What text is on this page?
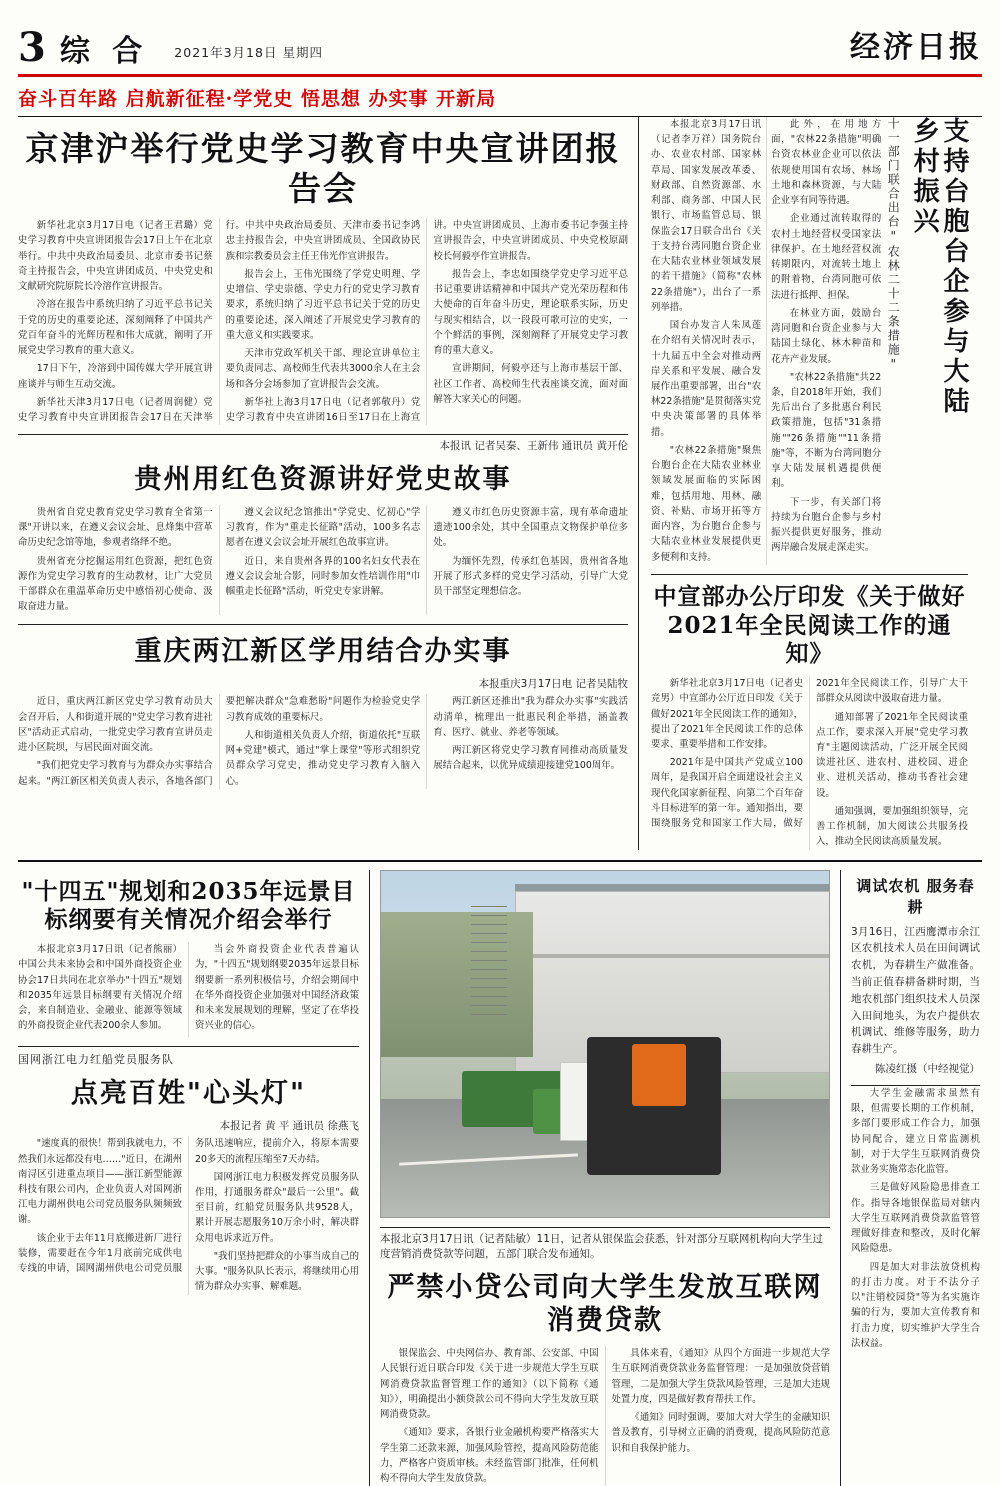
3 综 合 2021年3月18日 星期四	经济日报
奋斗百年路 启航新征程·学党史 悟思想 办实事 开新局
京津沪举行党史学习教育中央宣讲团报告会

新华社北京3月17日电（记者王君璐）党史学习教育中央宣讲团报告会17日上午在北京举行。中共中央政治局委员、北京市委书记蔡奇主持报告会，中央宣讲团成员、中央党史和文献研究院原院长冷溶作宣讲报告。

冷溶在报告中系统归纳了习近平总书记关于党的历史的重要论述，深刻阐释了中国共产党百年奋斗的光辉历程和伟大成就，阐明了开展党史学习教育的重大意义。

17日下午，冷溶到中国传媒大学开展宣讲座谈并与师生互动交流。

新华社天津3月17日电（记者周润健）党史学习教育中央宣讲团报告会17日在天津举行。中共中央政治局委员、天津市委书记李鸿忠主持报告会，中央宣讲团成员、全国政协民族和宗教委员会主任王伟光作宣讲报告。

报告会上，王伟光围绕了学党史明理、学史增信、学史崇德、学史力行的党史学习教育要求，系统归纳了习近平总书记关于党的历史的重要论述，深入阐述了开展党史学习教育的重大意义和实践要求。

天津市党政军机关干部、理论宣讲单位主要负责同志、高校师生代表共3000余人在主会场和各分会场参加了宣讲报告会交流。

新华社上海3月17日电（记者郭敬丹）党史学习教育中央宣讲团16日至17日在上海宣讲。中央宣讲团成员、上海市委书记李强主持宣讲报告会，中央宣讲团成员、中央党校原副校长何毅亭作宣讲报告。

报告会上，李忠如围绕学党史学习近平总书记重要讲话精神和中国共产党光荣历程和伟大使命的百年奋斗历史，理论联系实际，历史与现实相结合，以一段段可歌可泣的史实，一个个鲜活的事例，深刻阐释了开展党史学习教育的重大意义。

宣讲期间，何毅亭还与上海市基层干部、社区工作者、高校师生代表座谈交流，面对面解答大家关心的问题。

本报讯 记者吴秦、王新伟 通讯员 黄开伦
贵州用红色资源讲好党史故事

贵州省自党史教育党史学习教育全省第一课"开讲以来，在遵义会议会址、息烽集中营革命历史纪念馆等地，参观者络绎不绝。

贵州省充分挖掘运用红色资源，把红色资源作为党史学习教育的生动教材，让广大党员干部群众在重温革命历史中感悟初心使命、汲取奋进力量。

遵义会议纪念馆推出"学党史、忆初心"学习教育，作为"重走长征路"活动，100多名志愿者在遵义会议会址开展红色故事宣讲。

近日，来自贵州各界的100名妇女代表在遵义会议会址合影，同时参加女性培训作用"巾帼重走长征路"活动，听党史专家讲解。

遵义市红色历史资源丰富，现有革命遗址遗迹100余处，其中全国重点文物保护单位多处。

为缅怀先烈，传承红色基因，贵州省各地开展了形式多样的党史学习活动，引导广大党员干部坚定理想信念。

重庆两江新区学用结合办实事
本报重庆3月17日电 记者吴陆牧

近日，重庆两江新区党史学习教育动员大会召开后，人和街道开展的"党史学习教育进社区"活动正式启动，一批党史学习教育宣讲员走进小区院坝，与居民面对面交流。

"我们把党史学习教育与为群众办实事结合起来。"两江新区相关负责人表示，各地各部门要把解决群众"急难愁盼"问题作为检验党史学习教育成效的重要标尺。

人和街道相关负责人介绍，街道依托"互联网+党建"模式，通过"掌上课堂"等形式组织党员群众学习党史，推动党史学习教育入脑入心。

两江新区还推出"我为群众办实事"实践活动清单，梳理出一批惠民利企举措，涵盖教育、医疗、就业、养老等领域。

两江新区将党史学习教育同推动高质量发展结合起来，以优异成绩迎接建党100周年。

支持台胞台企参与大陆乡村振兴
十一部门联合出台"农林二十二条措施"

本报北京3月17日讯（记者李万祥）国务院台办、农业农村部、国家林草局、国家发展改革委、财政部、自然资源部、水利部、商务部、中国人民银行、市场监管总局、银保监会17日联合出台《关于支持台湾同胞台资企业在大陆农业林业领域发展的若干措施》（简称"农林22条措施"），出台了一系列举措。

国台办发言人朱凤莲在介绍有关情况时表示，十九届五中全会对推动两岸关系和平发展、融合发展作出重要部署，出台"农林22条措施"是贯彻落实党中央决策部署的具体举措。

"农林22条措施"聚焦台胞台企在大陆农业林业领域发展面临的实际困难，包括用地、用林、融资、补贴、市场开拓等方面内容，为台胞台企参与大陆农业林业发展提供更多便利和支持。

此外，在用地方面，"农林22条措施"明确台资农林业企业可以依法依规使用国有农场、林场土地和森林资源，与大陆企业享有同等待遇。

企业通过流转取得的农村土地经营权受国家法律保护。在土地经营权流转期限内，对流转土地上的附着物，台湾同胞可依法进行抵押、担保。

在林业方面，鼓励台湾同胞和台资企业参与大陆国土绿化、林木种苗和花卉产业发展。

"农林22条措施"共22条，自2018年开始，我们先后出台了多批惠台利民政策措施，包括"31条措施""26条措施""11条措施"等，不断为台湾同胞分享大陆发展机遇提供便利。

下一步，有关部门将持续为台胞台企参与乡村振兴提供更好服务，推动两岸融合发展走深走实。

中宣部办公厅印发《关于做好2021年全民阅读工作的通知》

新华社北京3月17日电（记者史竞男）中宣部办公厅近日印发《关于做好2021年全民阅读工作的通知》，提出了2021年全民阅读工作的总体要求、重要举措和工作安排。

2021年是中国共产党成立100周年，是我国开启全面建设社会主义现代化国家新征程、向第二个百年奋斗目标进军的第一年。通知指出，要围绕服务党和国家工作大局，做好2021年全民阅读工作，引导广大干部群众从阅读中汲取奋进力量。

通知部署了2021年全民阅读重点工作，要求深入开展"党史学习教育"主题阅读活动，广泛开展全民阅读进社区、进农村、进校园、进企业、进机关活动，推动书香社会建设。

通知强调，要加强组织领导，完善工作机制，加大阅读公共服务投入，推动全民阅读高质量发展。

"十四五"规划和2035年远景目标纲要有关情况介绍会举行

本报北京3月17日讯（记者熊丽）中国公共未来协会和中国外商投资企业协会17日共同在北京举办"十四五"规划和2035年远景目标纲要有关情况介绍会，来自制造业、金融业、能源等领域的外商投资企业代表200余人参加。

当会外商投资企业代表普遍认为，"十四五"规划纲要2035年远景目标纲要新一系列积极信号，介绍会期间中在华外商投资企业加强对中国经济政策和未来发展规划的理解，坚定了在华投资兴业的信心。

国网浙江电力红船党员服务队
点亮百姓"心头灯"
本报记者 黄 平 通讯员 徐燕飞

"速度真的很快！帮到我就电力，不然我们永远都没有电……"近日，在湖州南浔区引进重点项目——浙江新型能源科技有限公司内，企业负责人对国网浙江电力湖州供电公司党员服务队频频致谢。

该企业于去年11月底搬进新厂进行装修，需要赶在今年1月底前完成供电专线的申请，国网湖州供电公司党员服务队迅速响应，提前介入，将原本需要20多天的流程压缩至7天办结。

国网浙江电力积极发挥党员服务队作用，打通服务群众"最后一公里"。截至目前，红船党员服务队共9528人，累计开展志愿服务10万余小时，解决群众用电诉求近万件。

"我们坚持把群众的小事当成自己的大事。"服务队队长表示，将继续用心用情为群众办实事、解难题。

本报北京3月17日讯（记者陆敏）11日，记者从银保监会获悉，针对部分互联网机构向大学生过度营销消费贷款等问题，五部门联合发布通知。
严禁小贷公司向大学生发放互联网消费贷款

银保监会、中央网信办、教育部、公安部、中国人民银行近日联合印发《关于进一步规范大学生互联网消费贷款监督管理工作的通知》（以下简称《通知》），明确提出小额贷款公司不得向大学生发放互联网消费贷款。

《通知》要求，各银行业金融机构要严格落实大学生第二还款来源，加强风险管控，提高风险防范能力，严格客户资质审核。未经监管部门批准，任何机构不得向大学生发放贷款。

具体来看，《通知》从四个方面进一步规范大学生互联网消费贷款业务监督管理：一是加强放贷营销管理，二是加强大学生贷款风险管理，三是加大违规处置力度，四是做好教育帮扶工作。

《通知》同时强调，要加大对大学生的金融知识普及教育，引导树立正确的消费观，提高风险防范意识和自我保护能力。

调试农机 服务春耕
3月16日，江西鹰潭市余江区农机技术人员在田间调试农机，为春耕生产做准备。当前正值春耕备耕时期，当地农机部门组织技术人员深入田间地头，为农户提供农机调试、维修等服务，助力春耕生产。
陈凌红摄（中经视觉）

大学生金融需求虽然有限，但需要长期的工作机制，多部门要形成工作合力，加强协同配合，建立日常监测机制，对于大学生互联网消费贷款业务实施常态化监管。

三是做好风险隐患排查工作。指导各地银保监局对辖内大学生互联网消费贷款监管管理做好排查和整改，及时化解风险隐患。

四是加大对非法放贷机构的打击力度。对于不法分子以"注销校园贷"等为名实施诈骗的行为，要加大宣传教育和打击力度，切实维护大学生合法权益。
